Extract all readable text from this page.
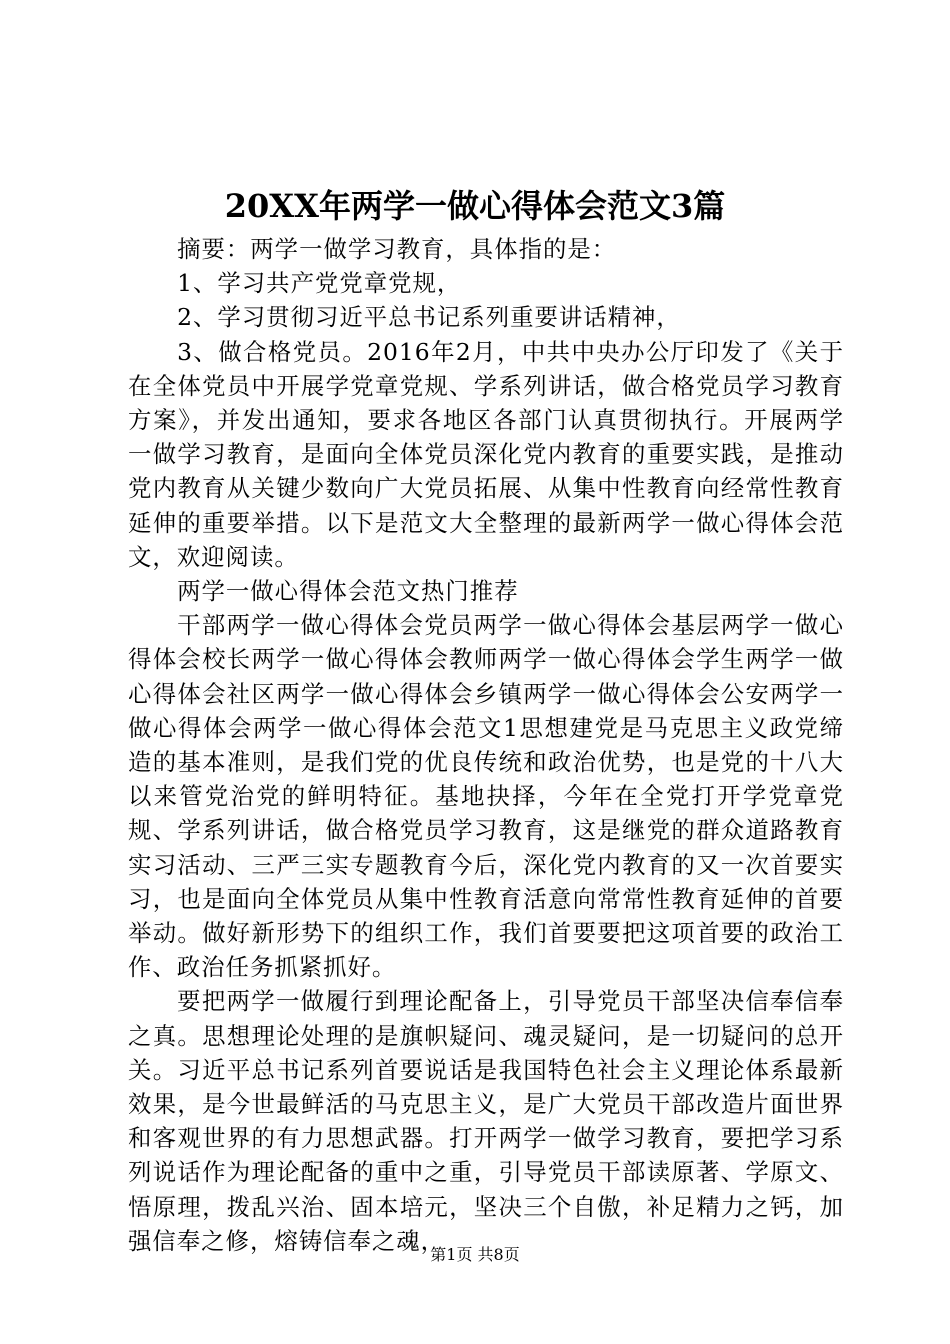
20XX年两学一做心得体会范文3篇

摘要：两学一做学习教育，具体指的是：

1、学习共产党党章党规，

2、学习贯彻习近平总书记系列重要讲话精神，

3、做合格党员。2016年2月，中共中央办公厅印发了《关于在全体党员中开展学党章党规、学系列讲话，做合格党员学习教育方案》，并发出通知，要求各地区各部门认真贯彻执行。开展两学一做学习教育，是面向全体党员深化党内教育的重要实践，是推动党内教育从关键少数向广大党员拓展、从集中性教育向经常性教育延伸的重要举措。以下是范文大全整理的最新两学一做心得体会范文，欢迎阅读。

两学一做心得体会范文热门推荐

干部两学一做心得体会党员两学一做心得体会基层两学一做心得体会校长两学一做心得体会教师两学一做心得体会学生两学一做心得体会社区两学一做心得体会乡镇两学一做心得体会公安两学一做心得体会两学一做心得体会范文1思想建党是马克思主义政党缔造的基本准则，是我们党的优良传统和政治优势，也是党的十八大以来管党治党的鲜明特征。基地抉择，今年在全党打开学党章党规、学系列讲话，做合格党员学习教育，这是继党的群众道路教育实习活动、三严三实专题教育今后，深化党内教育的又一次首要实习，也是面向全体党员从集中性教育活意向常常性教育延伸的首要举动。做好新形势下的组织工作，我们首要要把这项首要的政治工作、政治任务抓紧抓好。

要把两学一做履行到理论配备上，引导党员干部坚决信奉信奉之真。思想理论处理的是旗帜疑问、魂灵疑问，是一切疑问的总开关。习近平总书记系列首要说话是我国特色社会主义理论体系最新效果，是今世最鲜活的马克思主义，是广大党员干部改造片面世界和客观世界的有力思想武器。打开两学一做学习教育，要把学习系列说话作为理论配备的重中之重，引导党员干部读原著、学原文、悟原理，拨乱兴治、固本培元，坚决三个自傲，补足精力之钙，加强信奉之修，熔铸信奉之魂，

第1页 共8页
